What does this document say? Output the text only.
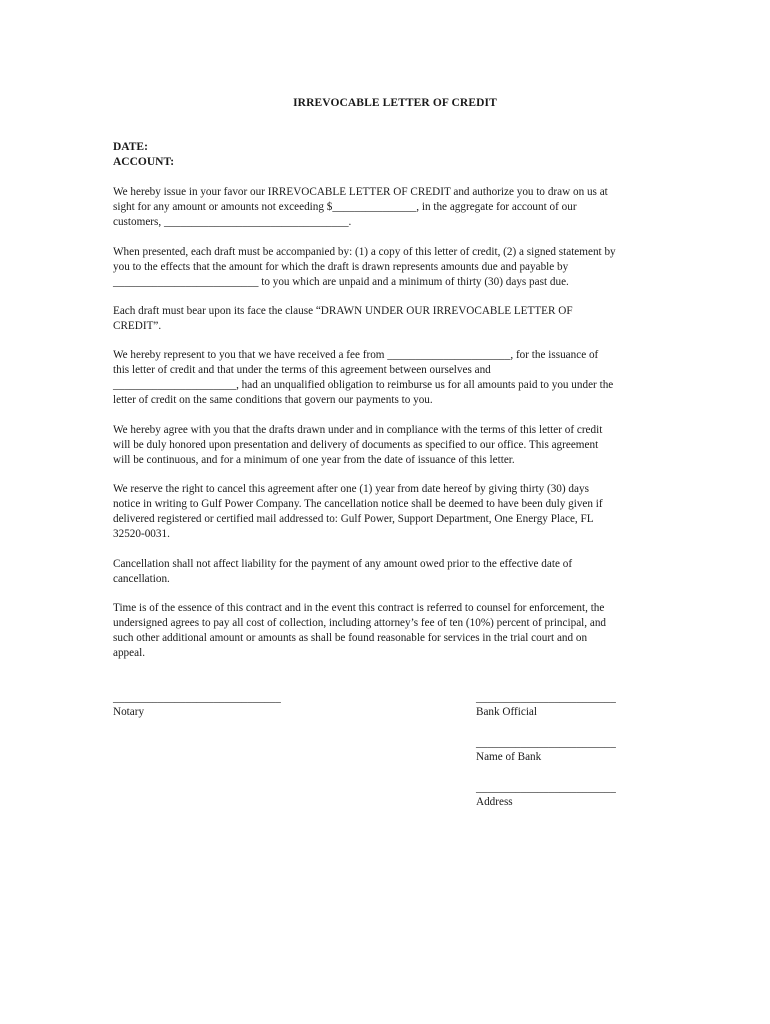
IRREVOCABLE LETTER OF CREDIT
DATE:
ACCOUNT:
We hereby issue in your favor our IRREVOCABLE LETTER OF CREDIT and authorize you to draw on us at
sight for any amount or amounts not exceeding $_______________, in the aggregate for account of our
customers, _________________________________.
When presented, each draft must be accompanied by: (1) a copy of this letter of credit, (2) a signed statement by
you to the effects that the amount for which the draft is drawn represents amounts due and payable by
__________________________ to you which are unpaid and a minimum of thirty (30) days past due.
Each draft must bear upon its face the clause “DRAWN UNDER OUR IRREVOCABLE LETTER OF
CREDIT”.
We hereby represent to you that we have received a fee from ______________________, for the issuance of
this letter of credit and that under the terms of this agreement between ourselves and
______________________, had an unqualified obligation to reimburse us for all amounts paid to you under the
letter of credit on the same conditions that govern our payments to you.
We hereby agree with you that the drafts drawn under and in compliance with the terms of this letter of credit
will be duly honored upon presentation and delivery of documents as specified to our office. This agreement
will be continuous, and for a minimum of one year from the date of issuance of this letter.
We reserve the right to cancel this agreement after one (1) year from date hereof by giving thirty (30) days
notice in writing to Gulf Power Company. The cancellation notice shall be deemed to have been duly given if
delivered registered or certified mail addressed to: Gulf Power, Support Department, One Energy Place, FL
32520-0031.
Cancellation shall not affect liability for the payment of any amount owed prior to the effective date of
cancellation.
Time is of the essence of this contract and in the event this contract is referred to counsel for enforcement, the
undersigned agrees to pay all cost of collection, including attorney’s fee of ten (10%) percent of principal, and
such other additional amount or amounts as shall be found reasonable for services in the trial court and on
appeal.
______________________________
Notary
_________________________
Bank Official
_________________________
Name of Bank
_________________________
Address
